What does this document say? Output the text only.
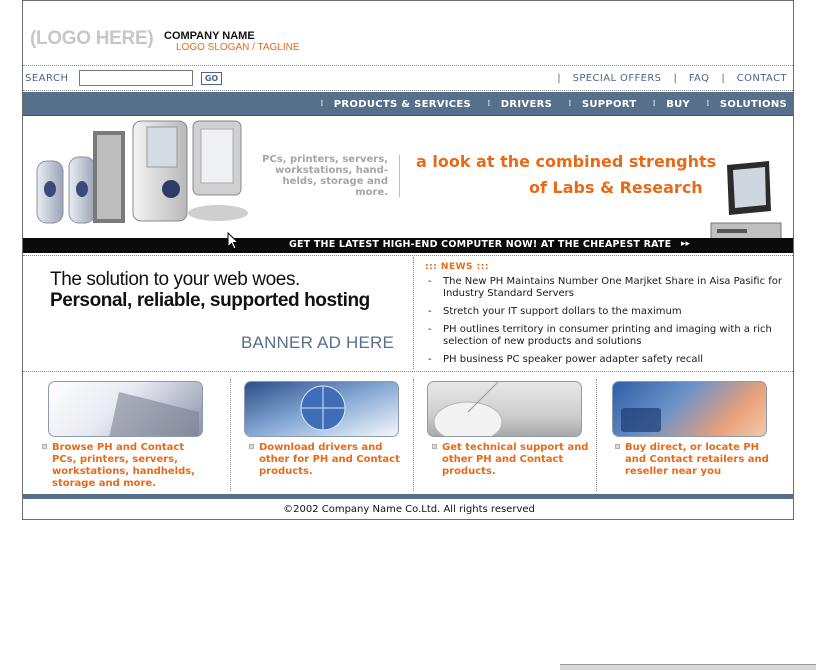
(LOGO HERE) COMPANY NAME
LOGO SLOGAN / TAGLINE
SEARCH	GO	| SPECIAL OFFERS | FAQ | CONTACT
⁞ PRODUCTS & SERVICES ⁞ DRIVERS ⁞ SUPPORT ⁞ BUY ⁞ SOLUTIONS
PCs, printers, servers, workstations, hand-helds, storage and more.
a look at the combined strenghts
of Labs & Research
GET THE LATEST HIGH-END COMPUTER NOW! AT THE CHEAPEST RATE ▸▸
The solution to your web woes.
Personal, reliable, supported hosting
BANNER AD HERE
::: NEWS :::
- The New PH Maintains Number One Marjket Share in Aisa Pasific for Industry Standard Servers
- Stretch your IT support dollars to the maximum
- PH outlines territory in consumer printing and imaging with a rich selection of new products and solutions
- PH business PC speaker power adapter safety recall
Browse PH and Contact PCs, printers, servers, workstations, handhelds, storage and more.
Download drivers and other for PH and Contact products.
Get technical support and other PH and Contact products.
Buy direct, or locate PH and Contact retailers and reseller near you
©2002 Company Name Co.Ltd. All rights reserved
